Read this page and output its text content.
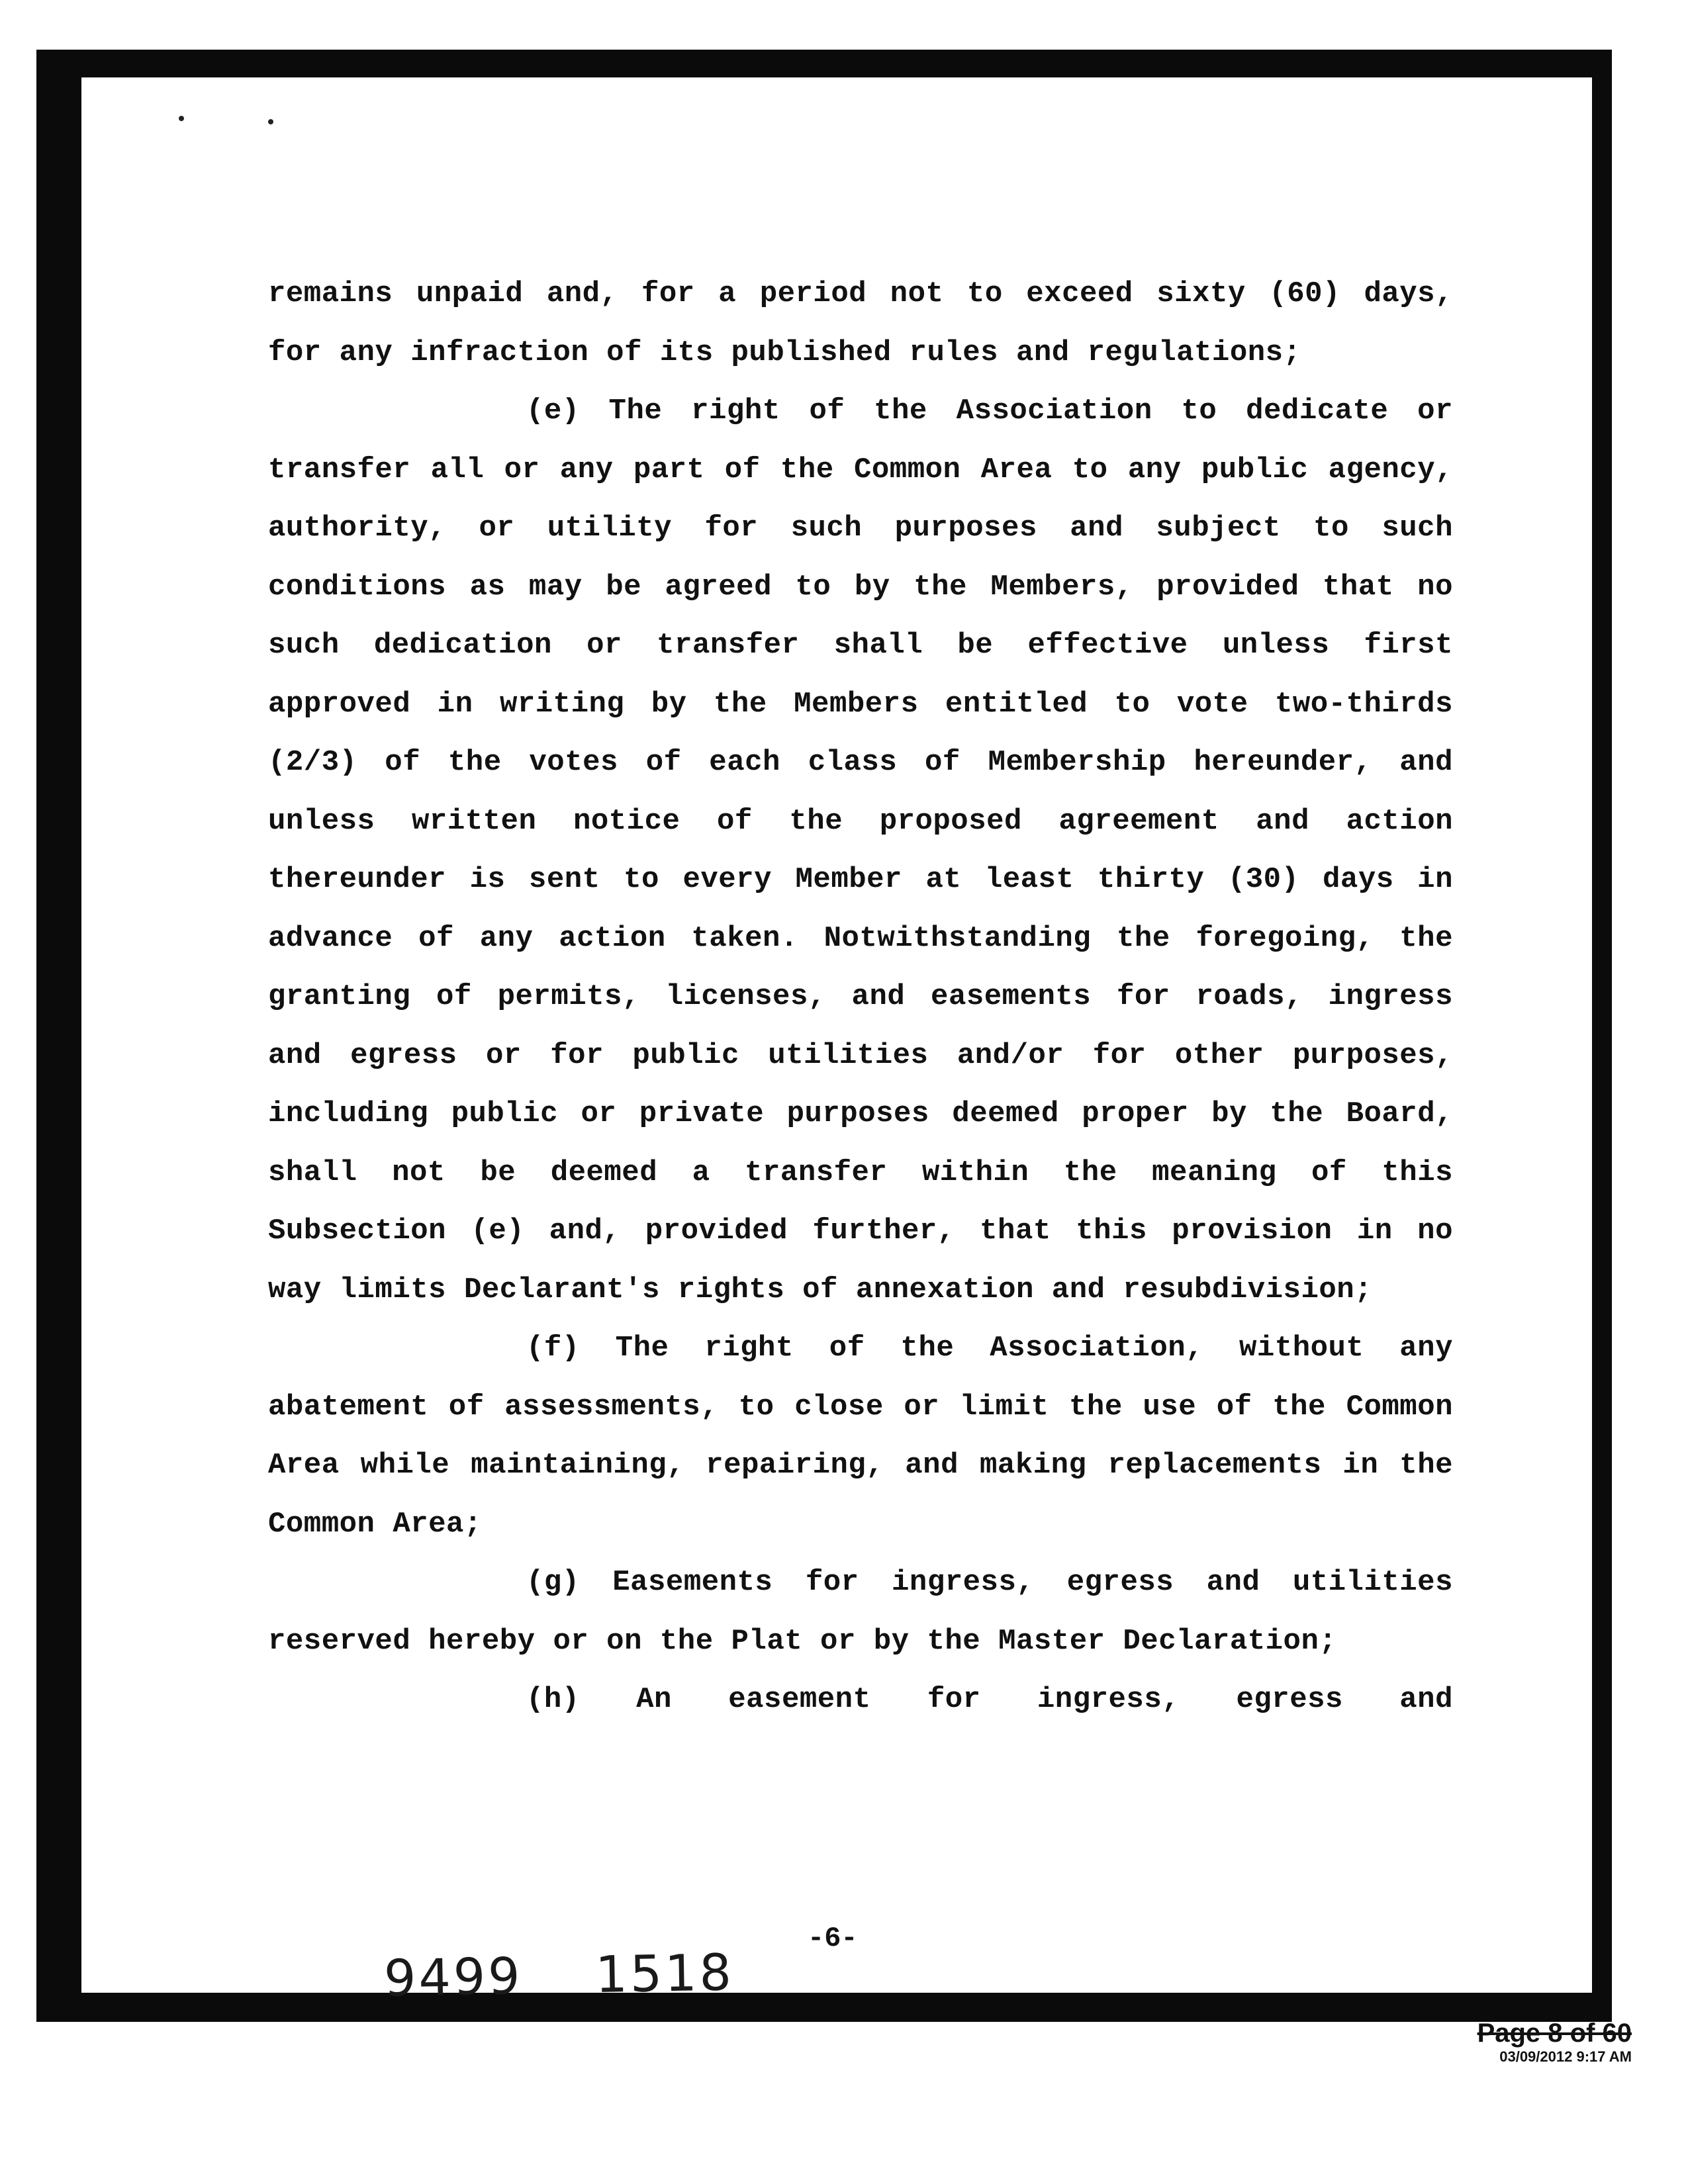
remains unpaid and, for a period not to exceed sixty (60) days, for any infraction of its published rules and regulations;

(e) The right of the Association to dedicate or transfer all or any part of the Common Area to any public agency, authority, or utility for such purposes and subject to such conditions as may be agreed to by the Members, provided that no such dedication or transfer shall be effective unless first approved in writing by the Members entitled to vote two-thirds (2/3) of the votes of each class of Membership hereunder, and unless written notice of the proposed agreement and action thereunder is sent to every Member at least thirty (30) days in advance of any action taken. Notwithstanding the foregoing, the granting of permits, licenses, and easements for roads, ingress and egress or for public utilities and/or for other purposes, including public or private purposes deemed proper by the Board, shall not be deemed a transfer within the meaning of this Subsection (e) and, provided further, that this provision in no way limits Declarant's rights of annexation and resubdivision;

(f) The right of the Association, without any abatement of assessments, to close or limit the use of the Common Area while maintaining, repairing, and making replacements in the Common Area;

(g) Easements for ingress, egress and utilities reserved hereby or on the Plat or by the Master Declaration;

(h) An easement for ingress, egress and

-6-
9499 1518
Page 8 of 60
03/09/2012 9:17 AM
